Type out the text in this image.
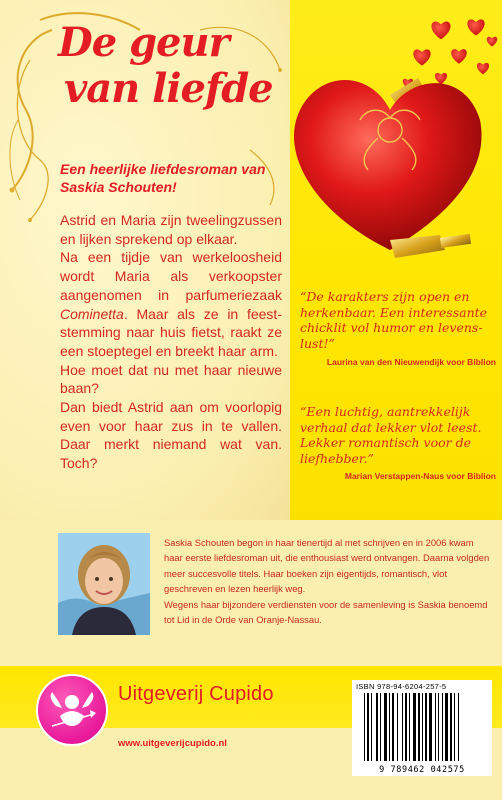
De geur
van liefde
Een heerlijke liefdesroman van Saskia Schouten!

Astrid en Maria zijn tweelingzussen en lijken sprekend op elkaar.

Na een tijdje van werkeloosheid wordt Maria als verkoopster aangenomen in parfumeriezaak Cominetta. Maar als ze in feeststemming naar huis fietst, raakt ze een stoeptegel en breekt haar arm.

Hoe moet dat nu met haar nieuwe baan?

Dan biedt Astrid aan om voorlopig even voor haar zus in te vallen. Daar merkt niemand wat van. Toch?

“De karakters zijn open en herkenbaar. Een interessante chicklit vol humor en levenslust!”
Laurina van den Nieuwendijk voor Biblion
“Een luchtig, aantrekkelijk verhaal dat lekker vlot leest. Lekker romantisch voor de liefhebber.”
Marian Verstappen-Naus voor Biblion

Saskia Schouten begon in haar tienertijd al met schrijven en in 2006 kwam haar eerste liefdesroman uit, die enthousiast werd ontvangen. Daarna volgden meer succesvolle titels. Haar boeken zijn eigentijds, romantisch, vlot geschreven en lezen heerlijk weg.

Wegens haar bijzondere verdiensten voor de samenleving is Saskia benoemd tot Lid in de Orde van Oranje-Nassau.

Uitgeverij Cupido
www.uitgeverijcupido.nl
ISBN 978-94-6204-257-5
9 789462 042575
